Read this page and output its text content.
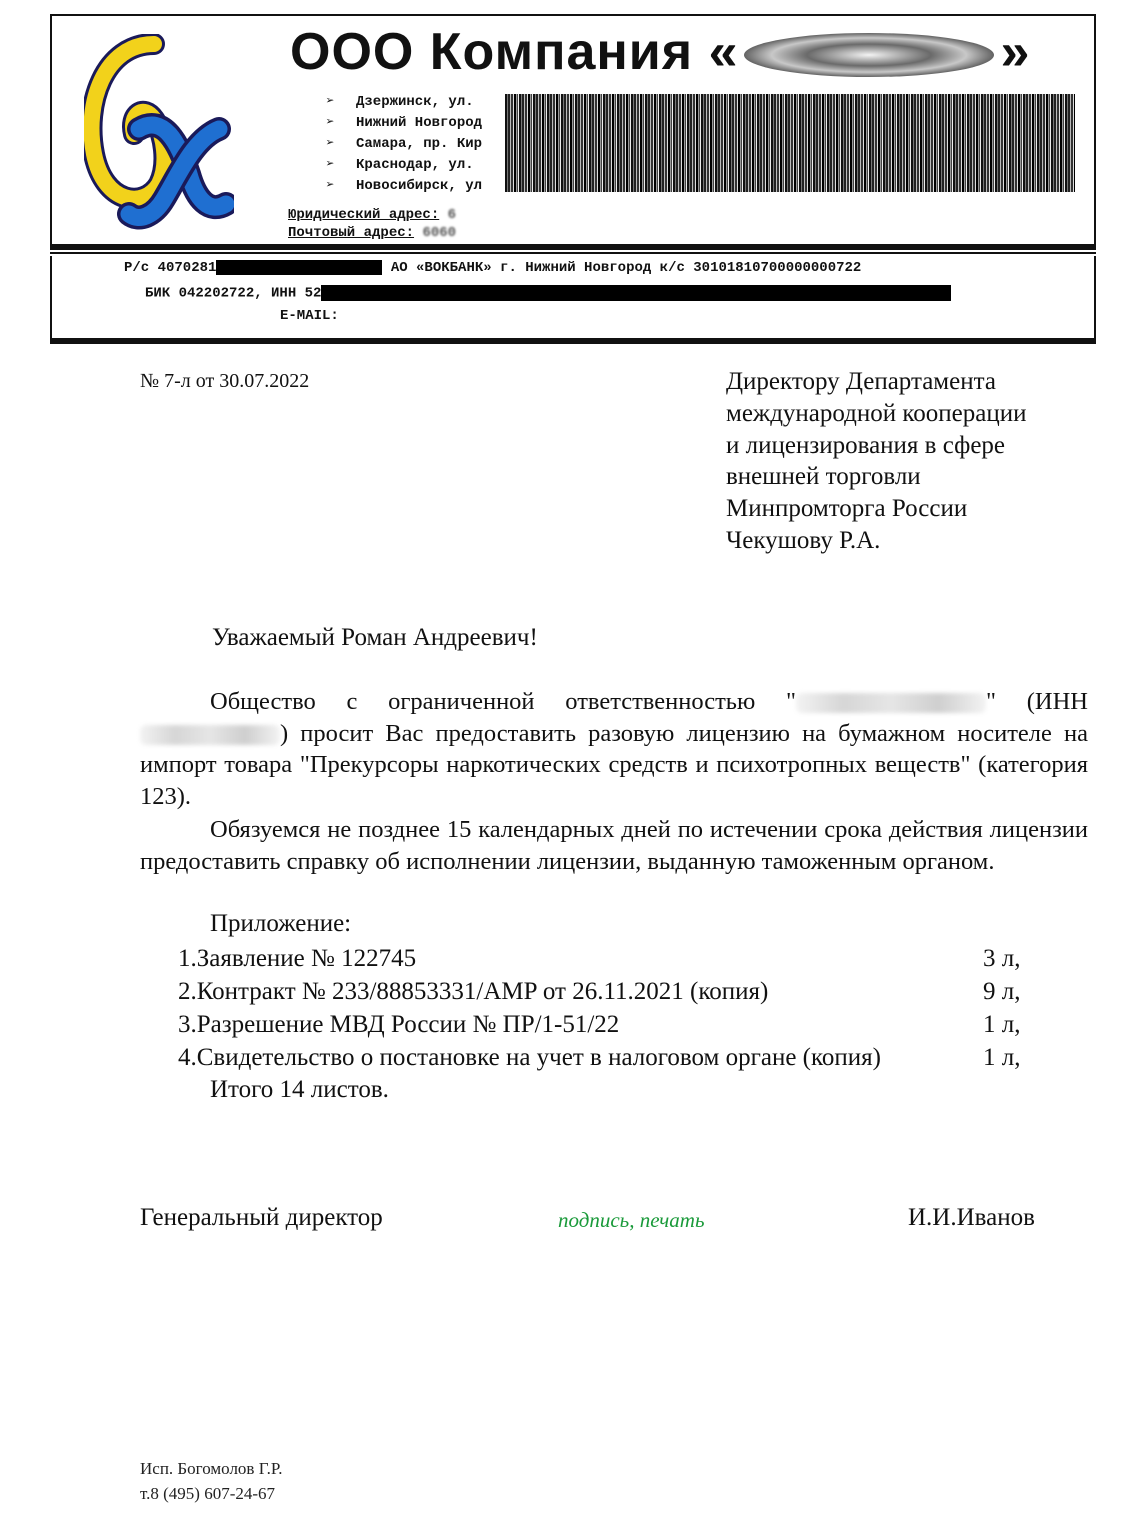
ООО Компания «	»
➢ Дзержинск, ул.
➢ Нижний Новгород
➢ Самара, пр. Кир
➢ Краснодар, ул.
➢ Новосибирск, ул
Юридический адрес: 6
Почтовый адрес: 6060
Р/с 4070281	АО «ВОКБАНК» г. Нижний Новгород к/с 30101810700000000722
БИК 042202722, ИНН 52
E-MAIL:
№ 7-л от 30.07.2022	Директору Департамента
международной кооперации
и лицензирования в сфере
внешней торговли
Минпромторга России
Чекушову Р.А.
Уважаемый Роман Андреевич!
Общество с ограниченной ответственностью "	" (ИНН ) просит Вас предоставить разовую лицензию на бумажном носителе на импорт товара "Прекурсоры наркотических средств и психотропных веществ" (категория 123).
Обязуемся не позднее 15 календарных дней по истечении срока действия лицензии предоставить справку об исполнении лицензии, выданную таможенным органом.
Приложение:
1.Заявление № 122745	3 л,
2.Контракт № 233/88853331/AMP от 26.11.2021 (копия)	9 л,
3.Разрешение МВД России № ПР/1-51/22	1 л,
4.Свидетельство о постановке на учет в налоговом органе (копия)	1 л,
Итого 14 листов.
Генеральный директор	подпись, печать	И.И.Иванов
Исп. Богомолов Г.Р.
т.8 (495) 607-24-67
